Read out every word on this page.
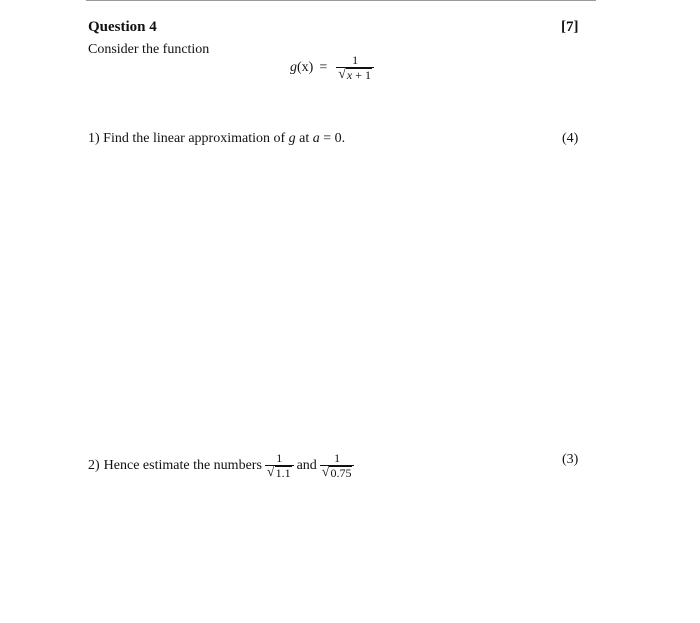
Question 4	[7]
Consider the function
$g(x) = \frac{1}{√ x + 1}$
1) Find the linear approximation of g at a = 0.	(4)
2) Hence estimate the numbers $\frac{1}{√ 1.1}$ and $\frac{1}{√ 0.75}$	(3)
